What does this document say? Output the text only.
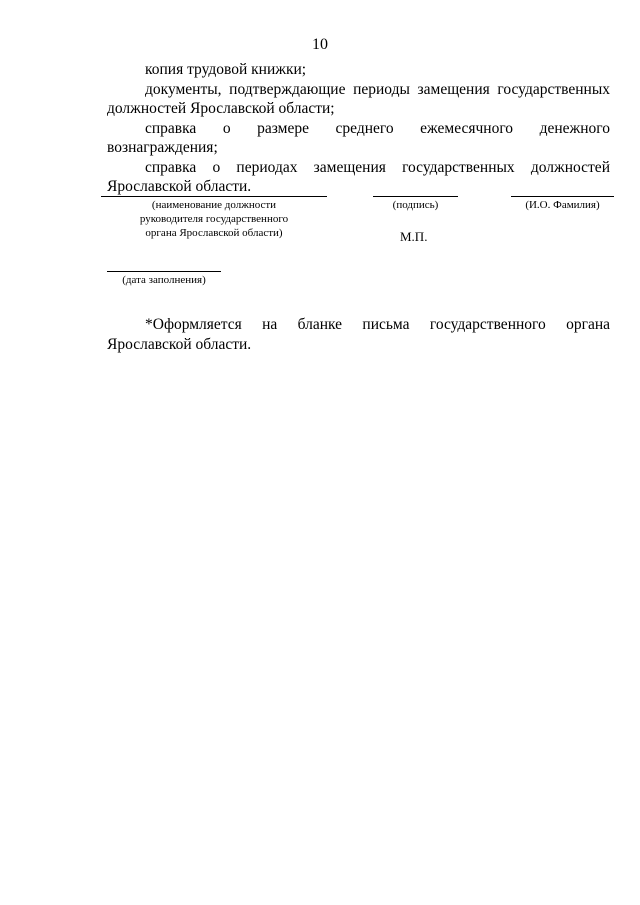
10

копия трудовой книжки;

документы, подтверждающие периоды замещения государственных должностей Ярославской области;

справка о размере среднего ежемесячного денежного вознаграждения;

справка о периодах замещения государственных должностей Ярославской области.

(наименование должности
руководителя государственного
органа Ярославской области)
(подпись)	(И.О. Фамилия)
М.П.
(дата заполнения)

*Оформляется на бланке письма государственного органа Ярославской области.
